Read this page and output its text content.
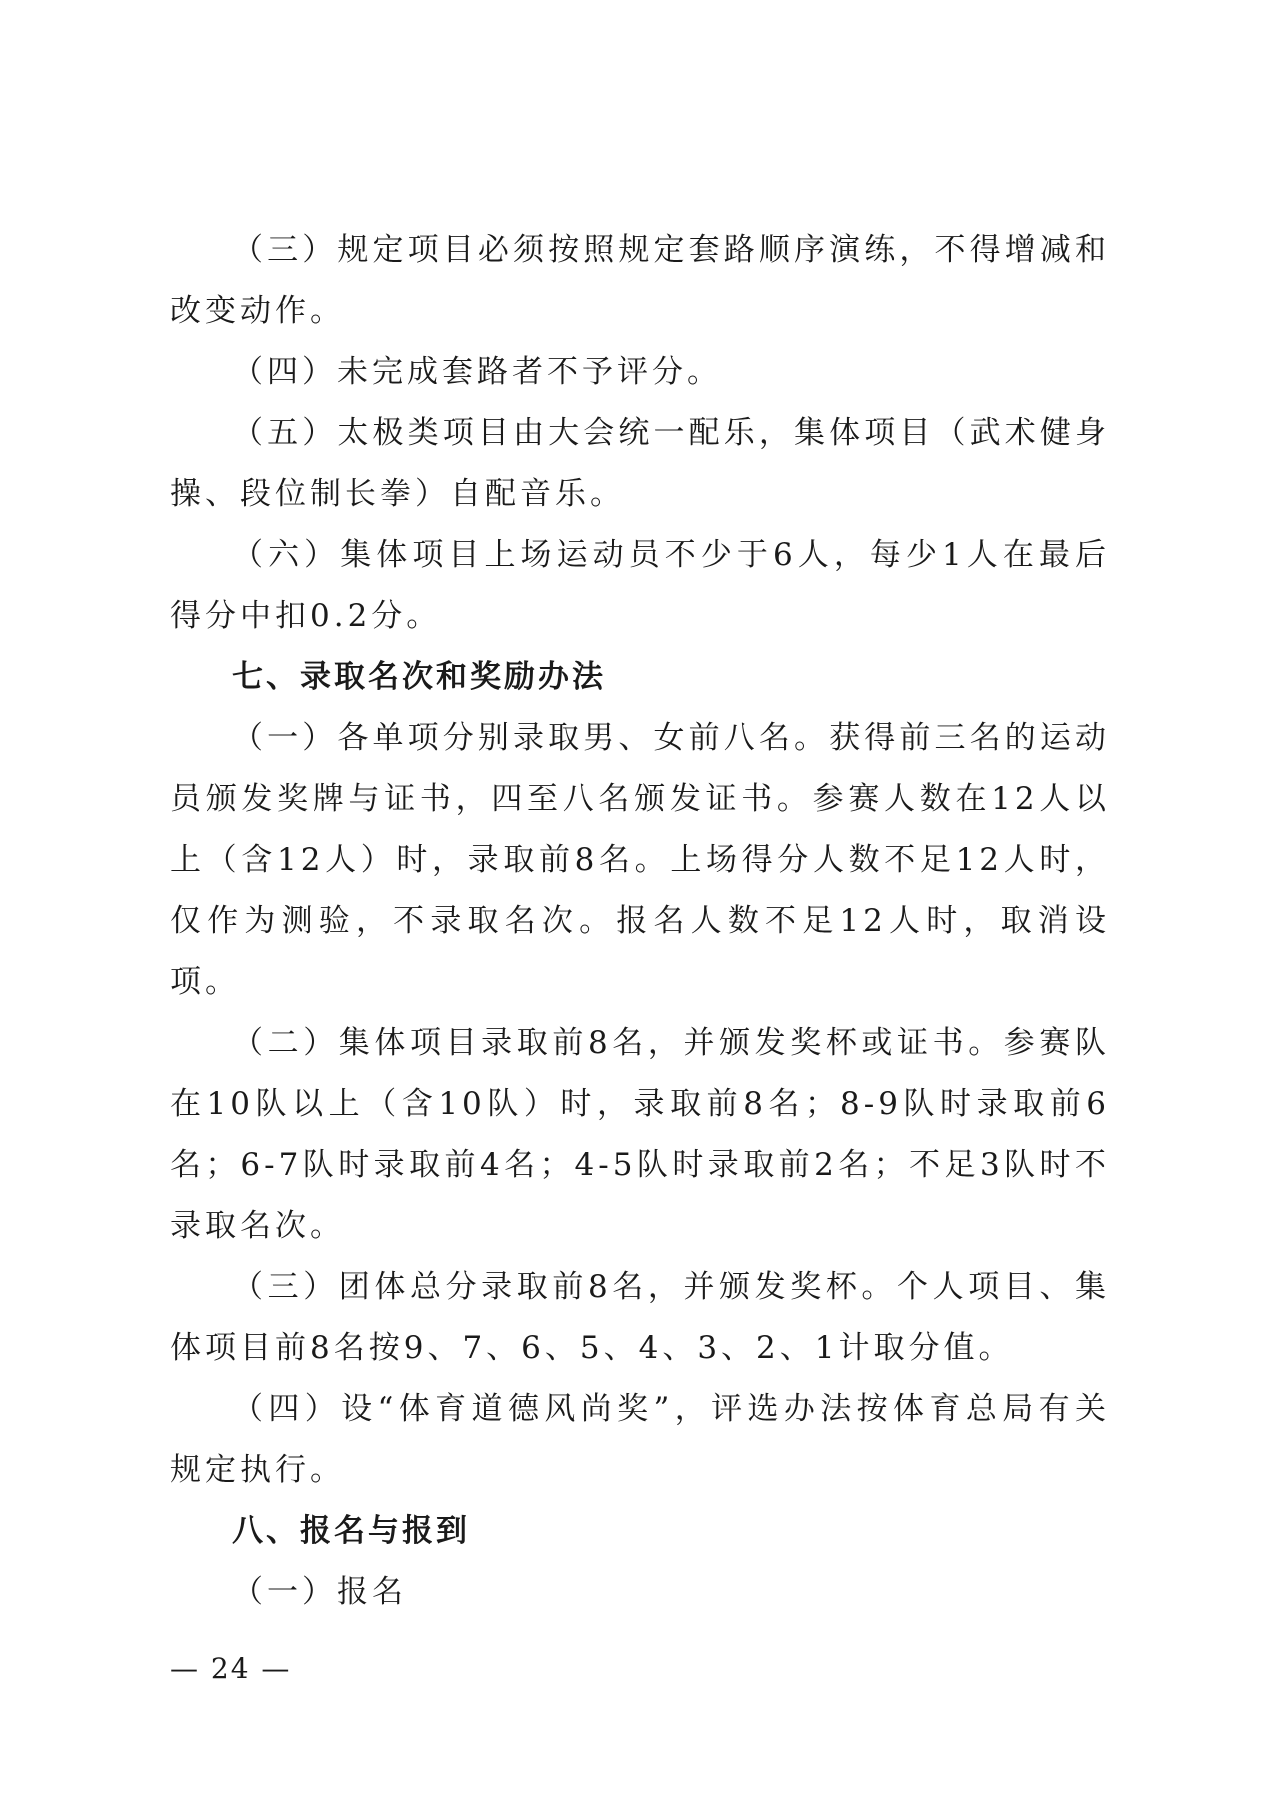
（三）规定项目必须按照规定套路顺序演练，不得增减和改变动作。

（四）未完成套路者不予评分。

（五）太极类项目由大会统一配乐，集体项目（武术健身操、段位制长拳）自配音乐。

（六）集体项目上场运动员不少于6人，每少1人在最后得分中扣0.2分。

七、录取名次和奖励办法

（一）各单项分别录取男、女前八名。获得前三名的运动员颁发奖牌与证书，四至八名颁发证书。参赛人数在12人以上（含12人）时，录取前8名。上场得分人数不足12人时，仅作为测验，不录取名次。报名人数不足12人时，取消设项。

（二）集体项目录取前8名，并颁发奖杯或证书。参赛队在10队以上（含10队）时，录取前8名；8-9队时录取前6名；6-7队时录取前4名；4-5队时录取前2名；不足3队时不录取名次。

（三）团体总分录取前8名，并颁发奖杯。个人项目、集体项目前8名按9、7、6、5、4、3、2、1计取分值。

（四）设“体育道德风尚奖”，评选办法按体育总局有关规定执行。

八、报名与报到

（一）报名

— 24 —
